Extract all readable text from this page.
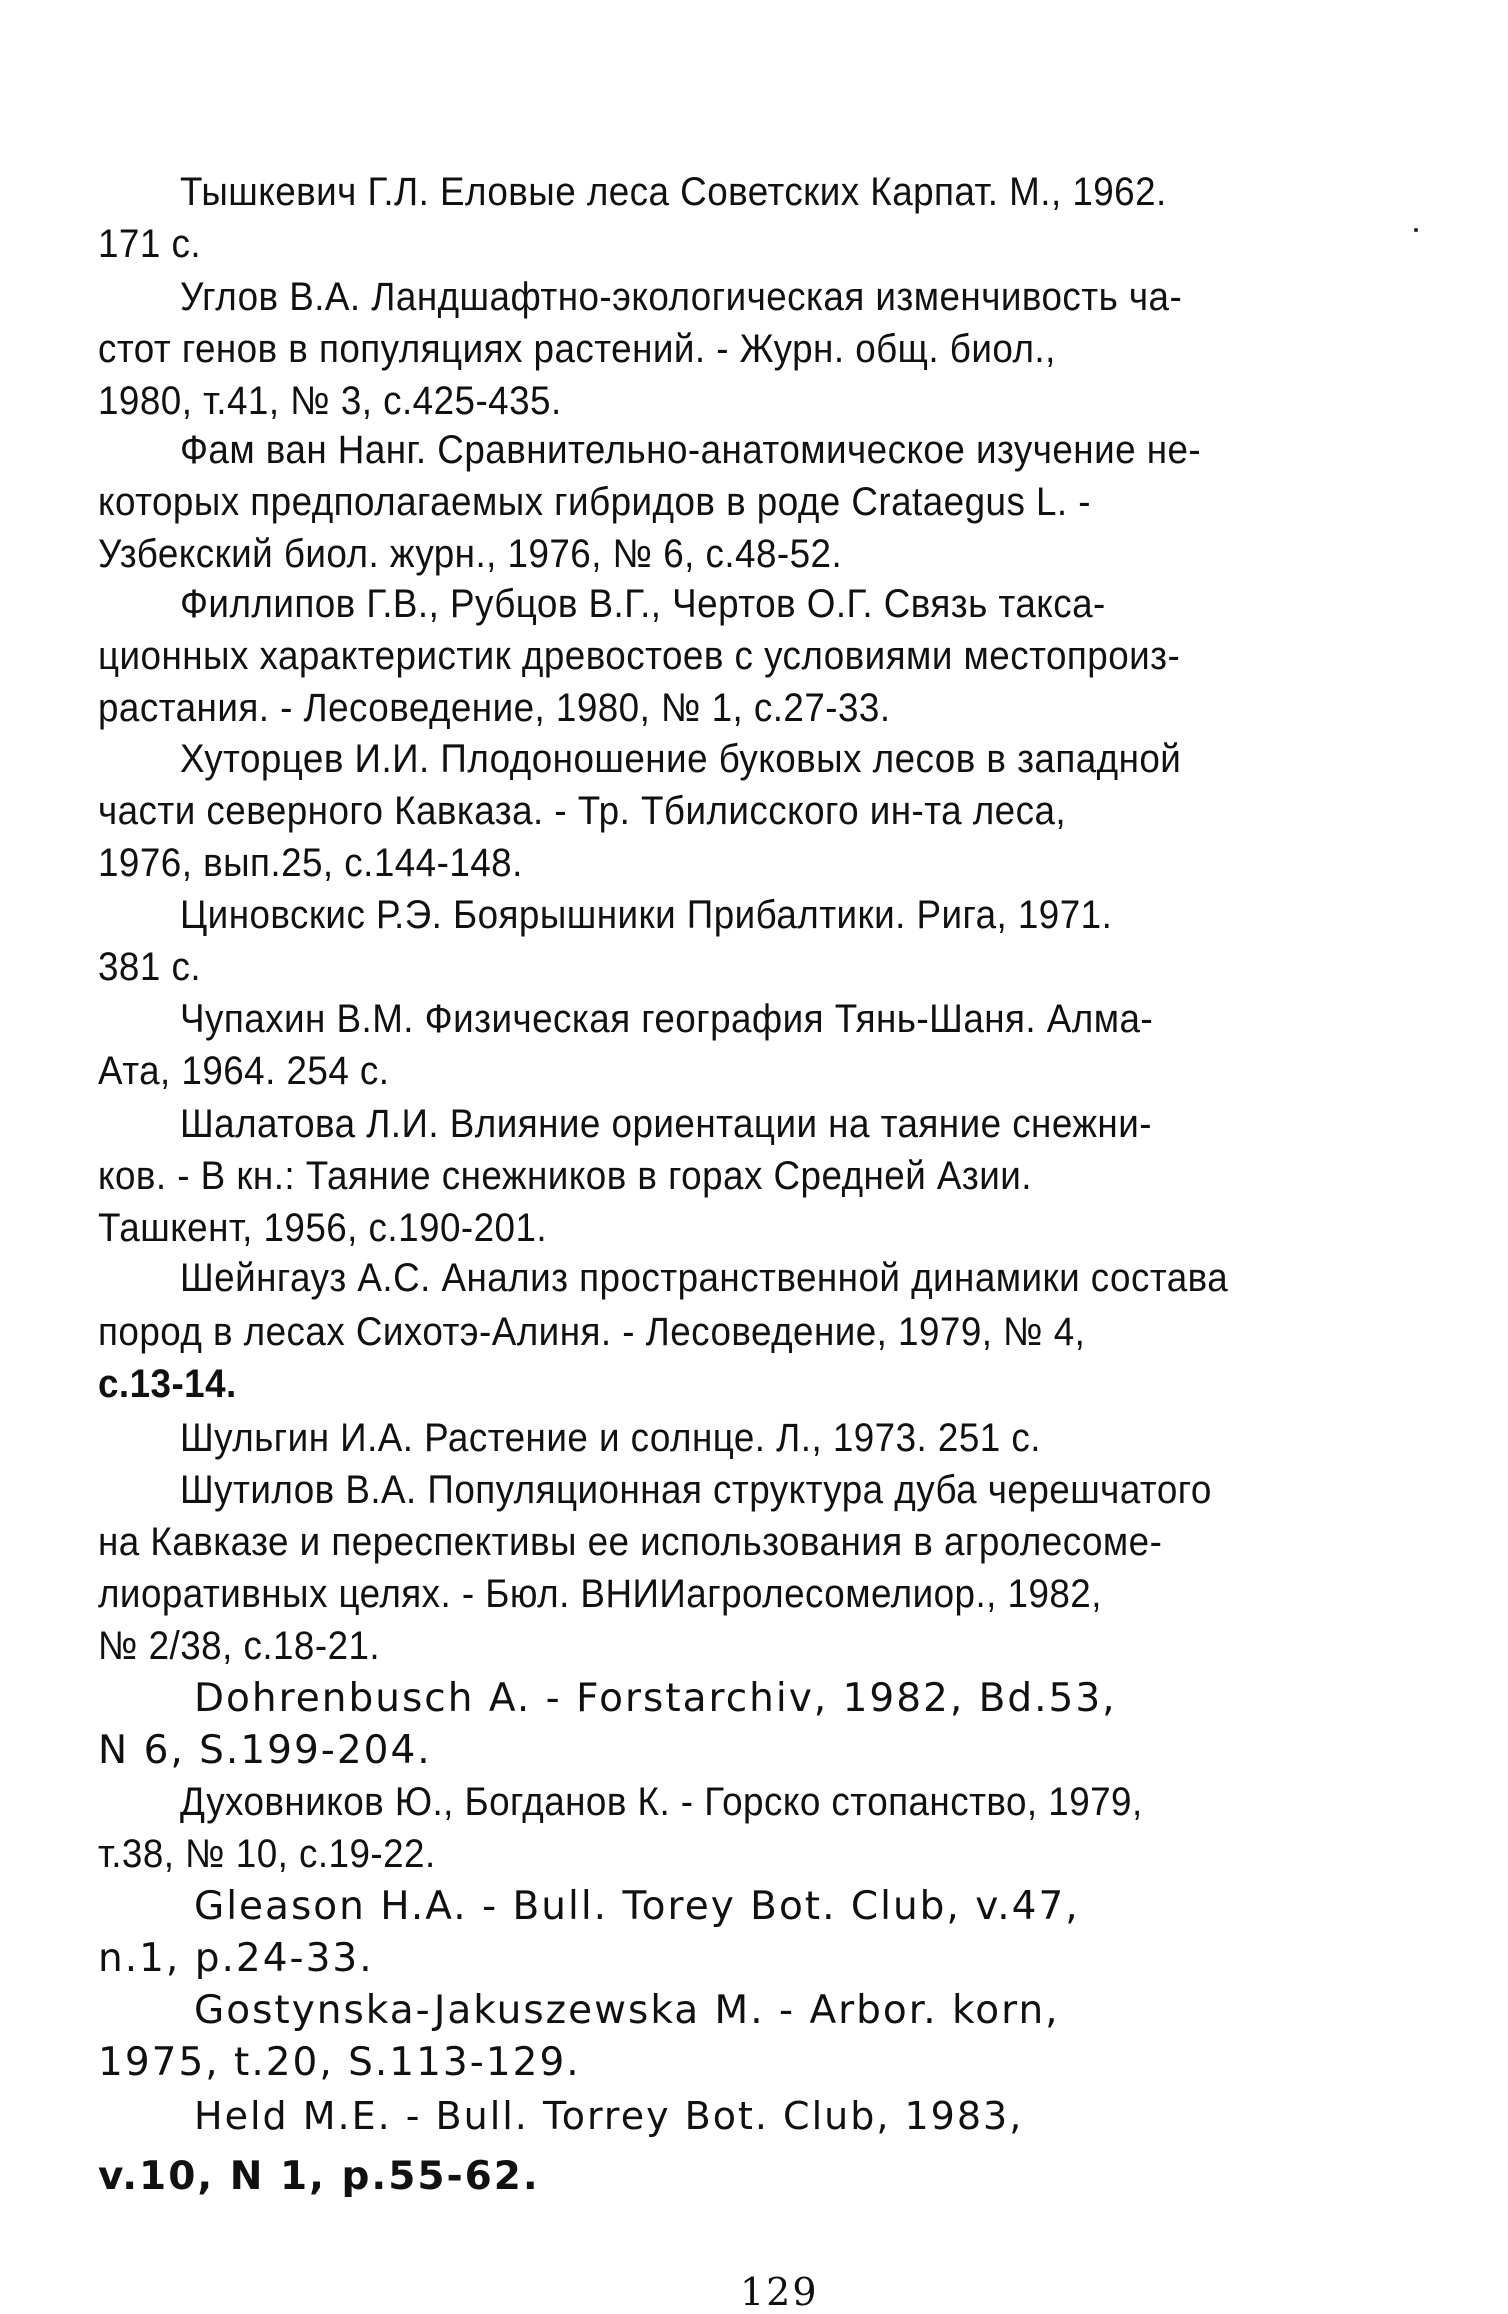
Тышкевич Г.Л. Еловые леса Советских Карпат. М., 1962.
171 с.
Углов В.А. Ландшафтно-экологическая изменчивость ча-
стот генов в популяциях растений. - Журн. общ. биол.,
1980, т.41, № 3, с.425-435.
Фам ван Нанг. Сравнительно-анатомическое изучение не-
которых предполагаемых гибридов в роде Crataegus L. -
Узбекский биол. журн., 1976, № 6, с.48-52.
Филлипов Г.В., Рубцов В.Г., Чертов О.Г. Связь такса-
ционных характеристик древостоев с условиями местопроиз-
растания. - Лесоведение, 1980, № 1, с.27-33.
Хуторцев И.И. Плодоношение буковых лесов в западной
части северного Кавказа. - Тр. Тбилисского ин-та леса,
1976, вып.25, с.144-148.
Циновскис Р.Э. Боярышники Прибалтики. Рига, 1971.
381 с.
Чупахин В.М. Физическая география Тянь-Шаня. Алма-
Ата, 1964. 254 с.
Шалатова Л.И. Влияние ориентации на таяние снежни-
ков. - В кн.: Таяние снежников в горах Средней Азии.
Ташкент, 1956, с.190-201.
Шейнгауз А.С. Анализ пространственной динамики состава
пород в лесах Сихотэ-Алиня. - Лесоведение, 1979, № 4,
с.13-14.
Шульгин И.А. Растение и солнце. Л., 1973. 251 с.
Шутилов В.А. Популяционная структура дуба черешчатого
на Кавказе и переспективы ее использования в агролесоме-
лиоративных целях. - Бюл. ВНИИагролесомелиор., 1982,
№ 2/38, с.18-21.
Dohrenbusch A. - Forstarchiv, 1982, Bd.53,
N 6, S.199-204.
Духовников Ю., Богданов К. - Горско стопанство, 1979,
т.38, № 10, с.19-22.
Gleason H.A. - Bull. Torey Bot. Club, v.47,
n.1, p.24-33.
Gostynska-Jakuszewska M. - Arbor. korn,
1975, t.20, S.113-129.
Held M.E. - Bull. Torrey Bot. Club, 1983,
v.10, N 1, p.55-62.
129
